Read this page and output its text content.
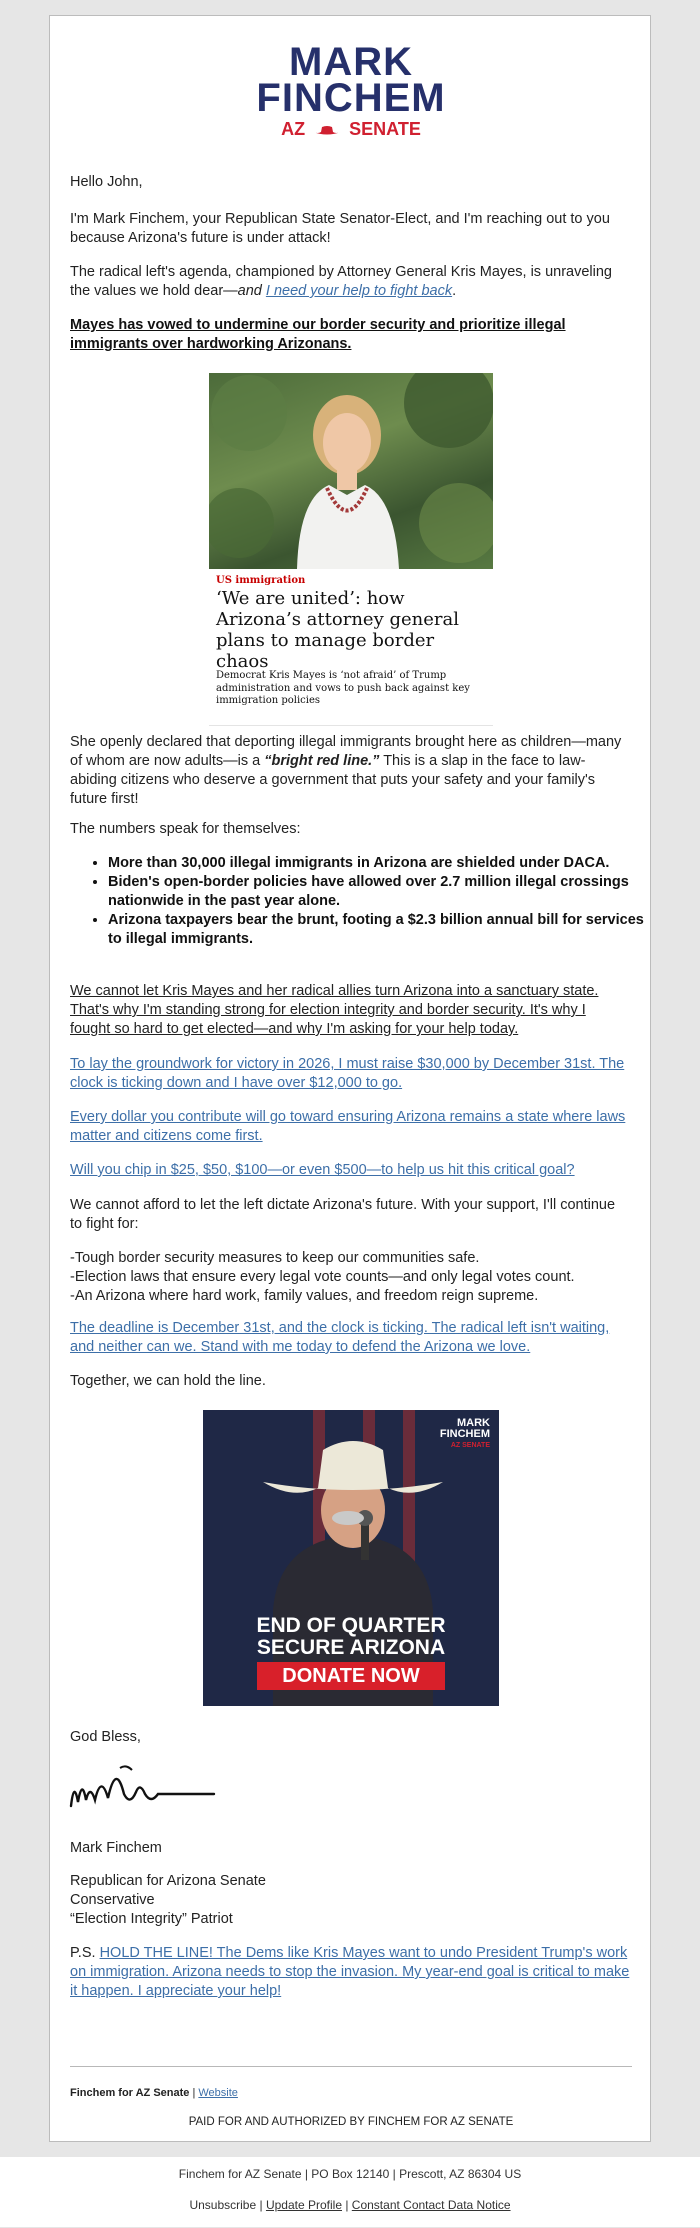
MARK
FINCHEM
AZ SENATE

Hello John,

I'm Mark Finchem, your Republican State Senator-Elect, and I'm reaching out to you because Arizona's future is under attack!

The radical left's agenda, championed by Attorney General Kris Mayes, is unraveling the values we hold dear—and I need your help to fight back.

Mayes has vowed to undermine our border security and prioritize illegal immigrants over hardworking Arizonans.

US immigration
‘We are united’: how Arizona’s attorney general plans to manage border chaos
Democrat Kris Mayes is ‘not afraid’ of Trump administration and vows to push back against key immigration policies

She openly declared that deporting illegal immigrants brought here as children—many of whom are now adults—is a “bright red line.” This is a slap in the face to law-abiding citizens who deserve a government that puts your safety and your family's future first!

The numbers speak for themselves:

• More than 30,000 illegal immigrants in Arizona are shielded under DACA.
• Biden's open-border policies have allowed over 2.7 million illegal crossings nationwide in the past year alone.
• Arizona taxpayers bear the brunt, footing a $2.3 billion annual bill for services to illegal immigrants.

We cannot let Kris Mayes and her radical allies turn Arizona into a sanctuary state. That's why I'm standing strong for election integrity and border security. It's why I fought so hard to get elected—and why I'm asking for your help today.

To lay the groundwork for victory in 2026, I must raise $30,000 by December 31st. The clock is ticking down and I have over $12,000 to go.

Every dollar you contribute will go toward ensuring Arizona remains a state where laws matter and citizens come first.

Will you chip in $25, $50, $100—or even $500—to help us hit this critical goal?

We cannot afford to let the left dictate Arizona's future. With your support, I'll continue to fight for:

-Tough border security measures to keep our communities safe.
-Election laws that ensure every legal vote counts—and only legal votes count.
-An Arizona where hard work, family values, and freedom reign supreme.

The deadline is December 31st, and the clock is ticking. The radical left isn't waiting, and neither can we. Stand with me today to defend the Arizona we love.

Together, we can hold the line.

MARK
FINCHEM
AZ SENATE
END OF QUARTER
SECURE ARIZONA
DONATE NOW

God Bless,

Mark Finchem

Republican for Arizona Senate
Conservative
“Election Integrity” Patriot

P.S. HOLD THE LINE! The Dems like Kris Mayes want to undo President Trump's work on immigration. Arizona needs to stop the invasion. My year-end goal is critical to make it happen. I appreciate your help!

Finchem for AZ Senate | Website
PAID FOR AND AUTHORIZED BY FINCHEM FOR AZ SENATE
Finchem for AZ Senate | PO Box 12140 | Prescott, AZ 86304 US
Unsubscribe | Update Profile | Constant Contact Data Notice
